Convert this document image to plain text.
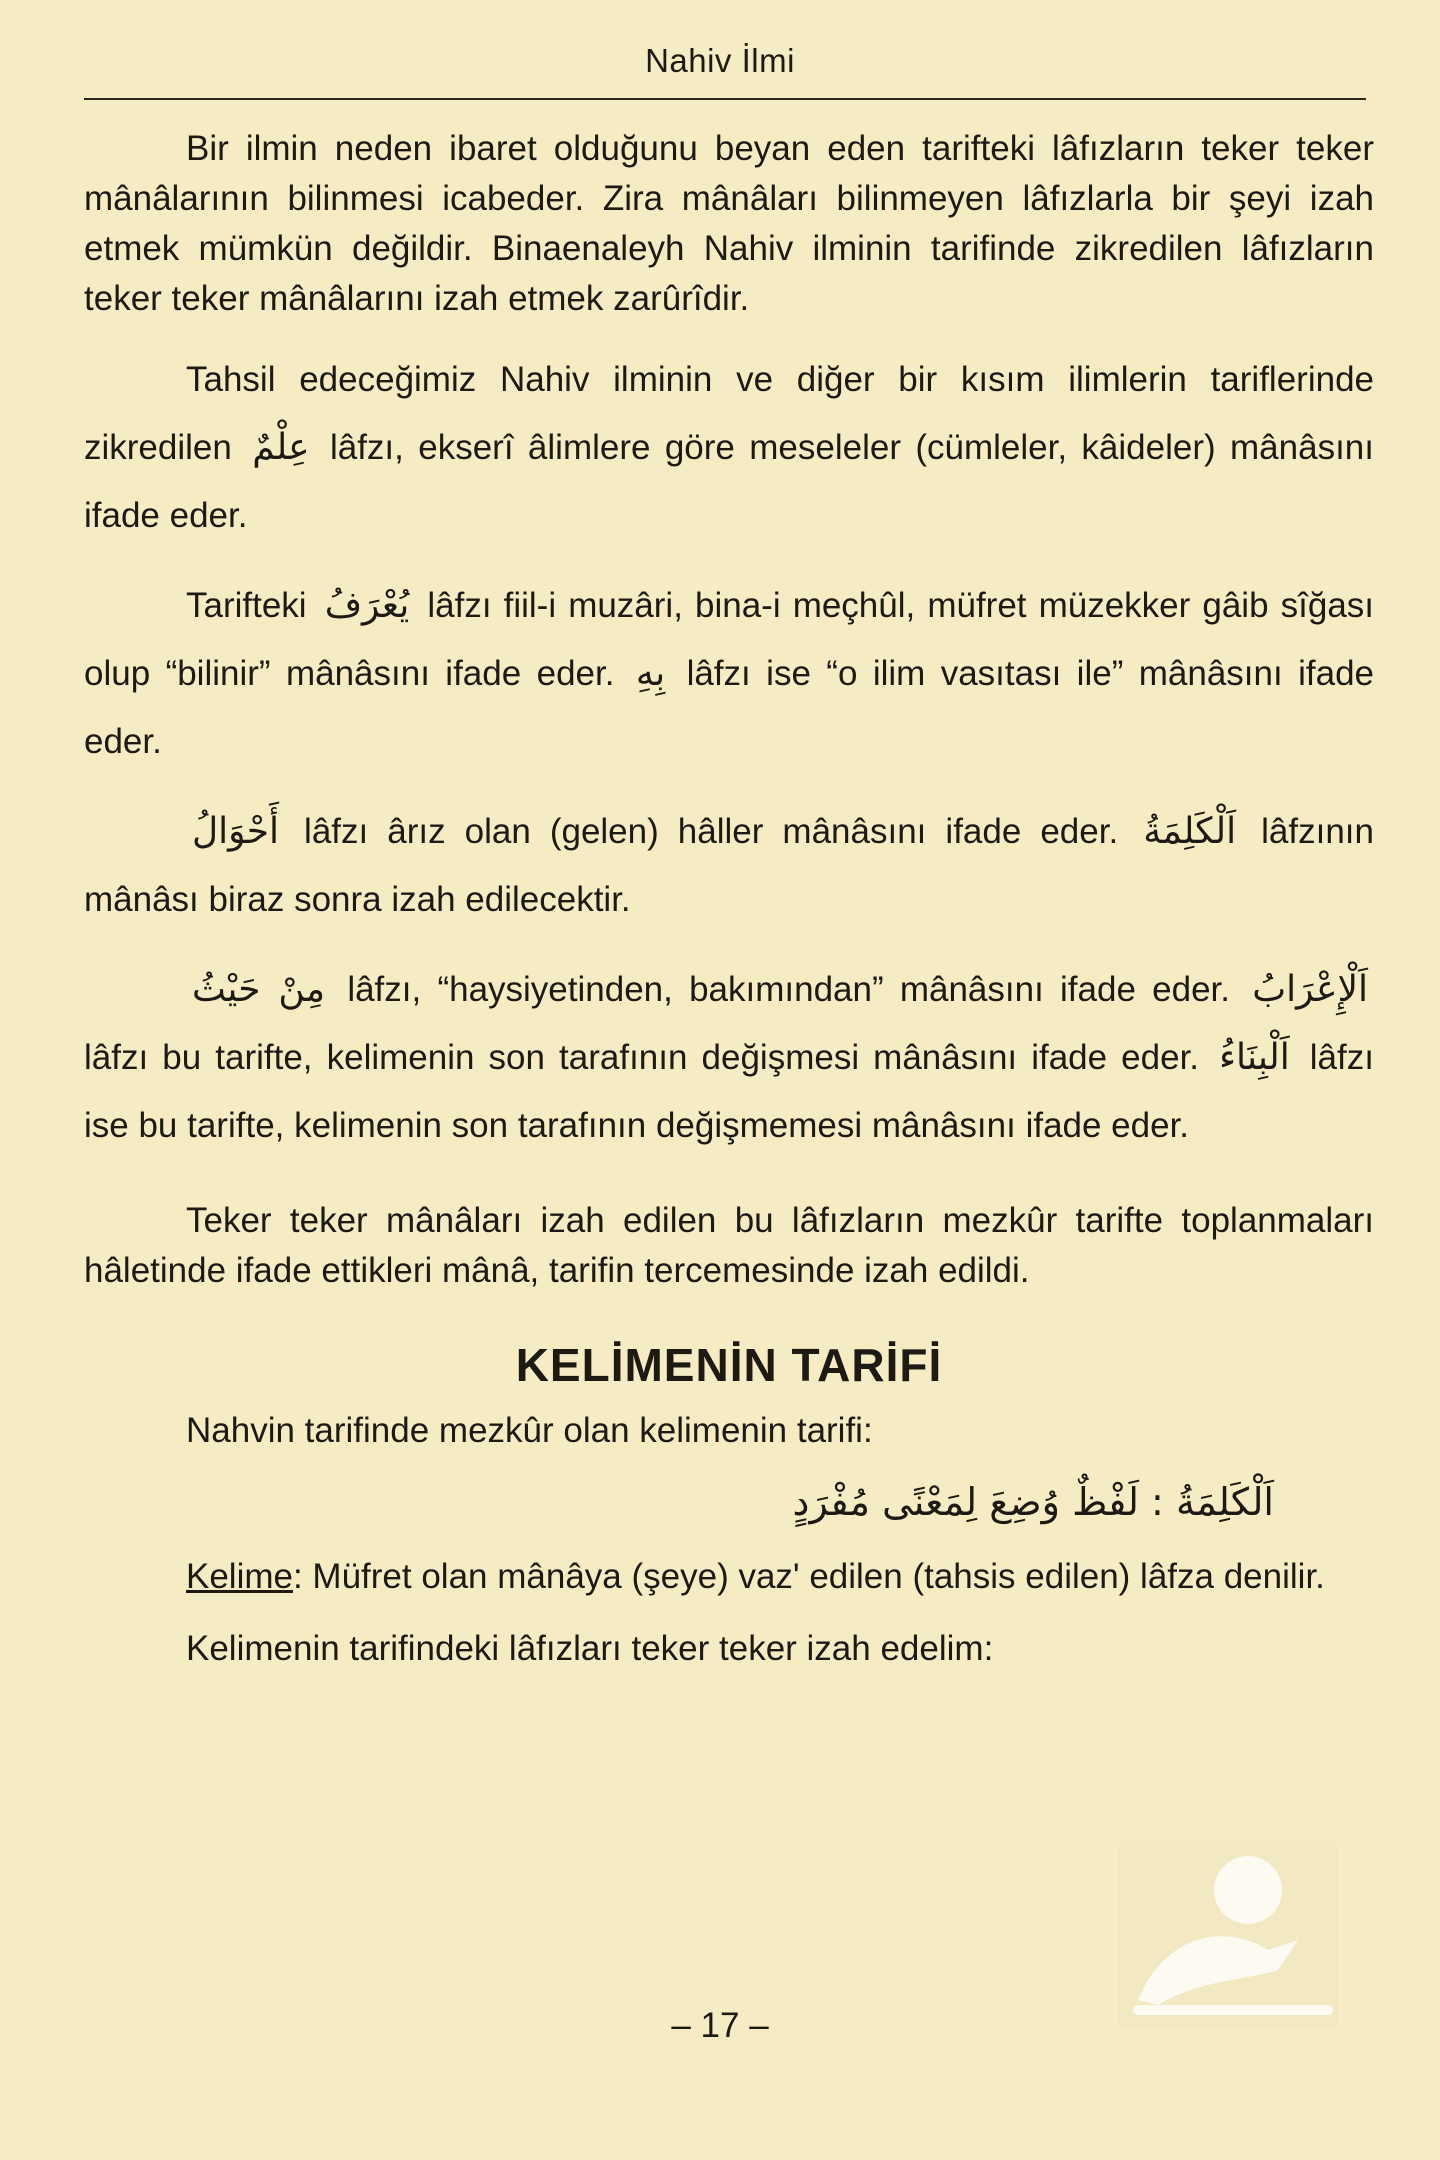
Nahiv İlmi

Bir ilmin neden ibaret olduğunu beyan eden tarifteki lâfızların teker teker mânâlarının bilinmesi icabeder. Zira mânâları bilinmeyen lâfızlarla bir şeyi izah etmek mümkün değildir. Binaenaleyh Nahiv ilminin tarifinde zikredilen lâfızların teker teker mânâlarını izah etmek zarûrîdir.

Tahsil edeceğimiz Nahiv ilminin ve diğer bir kısım ilimlerin tariflerinde zikredilen عِلْمٌ lâfzı, ekserî âlimlere göre meseleler (cümleler, kâideler) mânâsını ifade eder.

Tarifteki يُعْرَفُ lâfzı fiil-i muzâri, bina-i meçhûl, müfret müzekker gâib sîğası olup “bilinir” mânâsını ifade eder. بِهِ lâfzı ise “o ilim vasıtası ile” mânâsını ifade eder.

أَحْوَالُ lâfzı ârız olan (gelen) hâller mânâsını ifade eder. اَلْكَلِمَةُ lâfzının mânâsı biraz sonra izah edilecektir.

مِنْ حَيْثُ lâfzı, “haysiyetinden, bakımından” mânâsını ifade eder. اَلْإِعْرَابُ lâfzı bu tarifte, kelimenin son tarafının değişmesi mânâsını ifade eder. اَلْبِنَاءُ lâfzı ise bu tarifte, kelimenin son tarafının değişmemesi mânâsını ifade eder.

Teker teker mânâları izah edilen bu lâfızların mezkûr tarifte toplanmaları hâletinde ifade ettikleri mânâ, tarifin tercemesinde izah edildi.

KELİMENİN TARİFİ

Nahvin tarifinde mezkûr olan kelimenin tarifi:

اَلْكَلِمَةُ : لَفْظٌ وُضِعَ لِمَعْنًى مُفْرَدٍ

Kelime: Müfret olan mânâya (şeye) vaz' edilen (tahsis edilen) lâfza denilir.

Kelimenin tarifindeki lâfızları teker teker izah edelim:

– 17 –
